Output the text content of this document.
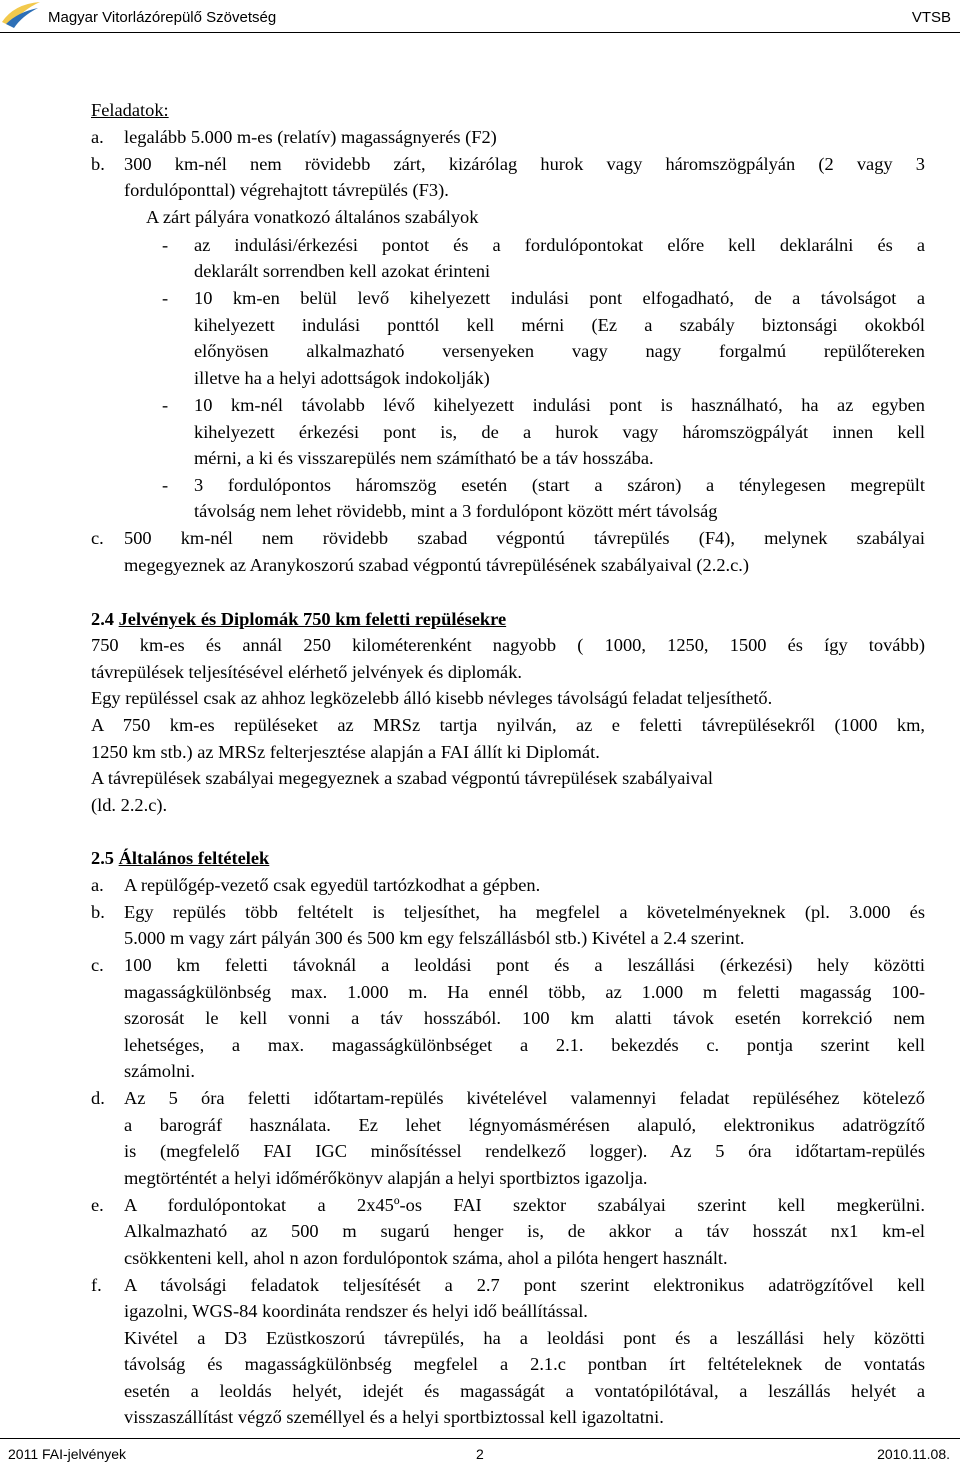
Magyar Vitorlázórepülő Szövetség	VTSB
Feladatok:
a. legalább 5.000 m-es (relatív) magasságnyerés (F2)
b. 300 km-nél nem rövidebb zárt, kizárólag hurok vagy háromszögpályán (2 vagy 3
fordulóponttal) végrehajtott távrepülés (F3).
A zárt pályára vonatkozó általános szabályok
- az indulási/érkezési pontot és a fordulópontokat előre kell deklarálni és a
deklarált sorrendben kell azokat érinteni
- 10 km-en belül levő kihelyezett indulási pont elfogadható, de a távolságot a
kihelyezett indulási ponttól kell mérni (Ez a szabály biztonsági okokból
előnyösen alkalmazható versenyeken vagy nagy forgalmú repülőtereken
illetve ha a helyi adottságok indokolják)
- 10 km-nél távolabb lévő kihelyezett indulási pont is használható, ha az egyben
kihelyezett érkezési pont is, de a hurok vagy háromszögpályát innen kell
mérni, a ki és visszarepülés nem számítható be a táv hosszába.
- 3 fordulópontos háromszög esetén (start a száron) a ténylegesen megrepült
távolság nem lehet rövidebb, mint a 3 fordulópont között mért távolság
c. 500 km-nél nem rövidebb szabad végpontú távrepülés (F4), melynek szabályai
megegyeznek az Aranykoszorú szabad végpontú távrepülésének szabályaival (2.2.c.)
2.4 Jelvények és Diplomák 750 km feletti repülésekre
750 km-es és annál 250 kilométerenként nagyobb ( 1000, 1250, 1500 és így tovább)
távrepülések teljesítésével elérhető jelvények és diplomák.
Egy repüléssel csak az ahhoz legközelebb álló kisebb névleges távolságú feladat teljesíthető.
A 750 km-es repüléseket az MRSz tartja nyilván, az e feletti távrepülésekről (1000 km,
1250 km stb.) az MRSz felterjesztése alapján a FAI állít ki Diplomát.
A távrepülések szabályai megegyeznek a szabad végpontú távrepülések szabályaival
(ld. 2.2.c).
2.5 Általános feltételek
a. A repülőgép-vezető csak egyedül tartózkodhat a gépben.
b. Egy repülés több feltételt is teljesíthet, ha megfelel a követelményeknek (pl. 3.000 és
5.000 m vagy zárt pályán 300 és 500 km egy felszállásból stb.) Kivétel a 2.4 szerint.
c. 100 km feletti távoknál a leoldási pont és a leszállási (érkezési) hely közötti
magasságkülönbség max. 1.000 m. Ha ennél több, az 1.000 m feletti magasság 100-
szorosát le kell vonni a táv hosszából. 100 km alatti távok esetén korrekció nem
lehetséges, a max. magasságkülönbséget a 2.1. bekezdés c. pontja szerint kell
számolni.
d. Az 5 óra feletti időtartam-repülés kivételével valamennyi feladat repüléséhez kötelező
a barográf használata. Ez lehet légnyomásmérésen alapuló, elektronikus adatrögzítő
is (megfelelő FAI IGC minősítéssel rendelkező logger). Az 5 óra időtartam-repülés
megtörténtét a helyi időmérőkönyv alapján a helyi sportbiztos igazolja.
e. A fordulópontokat a 2x45º-os FAI szektor szabályai szerint kell megkerülni.
Alkalmazható az 500 m sugarú henger is, de akkor a táv hosszát nx1 km-el
csökkenteni kell, ahol n azon fordulópontok száma, ahol a pilóta hengert használt.
f. A távolsági feladatok teljesítését a 2.7 pont szerint elektronikus adatrögzítővel kell
igazolni, WGS-84 koordináta rendszer és helyi idő beállítással.
Kivétel a D3 Ezüstkoszorú távrepülés, ha a leoldási pont és a leszállási hely közötti
távolság és magasságkülönbség megfelel a 2.1.c pontban írt feltételeknek de vontatás
esetén a leoldás helyét, idejét és magasságát a vontatópilótával, a leszállás helyét a
visszaszállítást végző személlyel és a helyi sportbiztossal kell igazoltatni.
2011 FAI-jelvények	2	2010.11.08.
